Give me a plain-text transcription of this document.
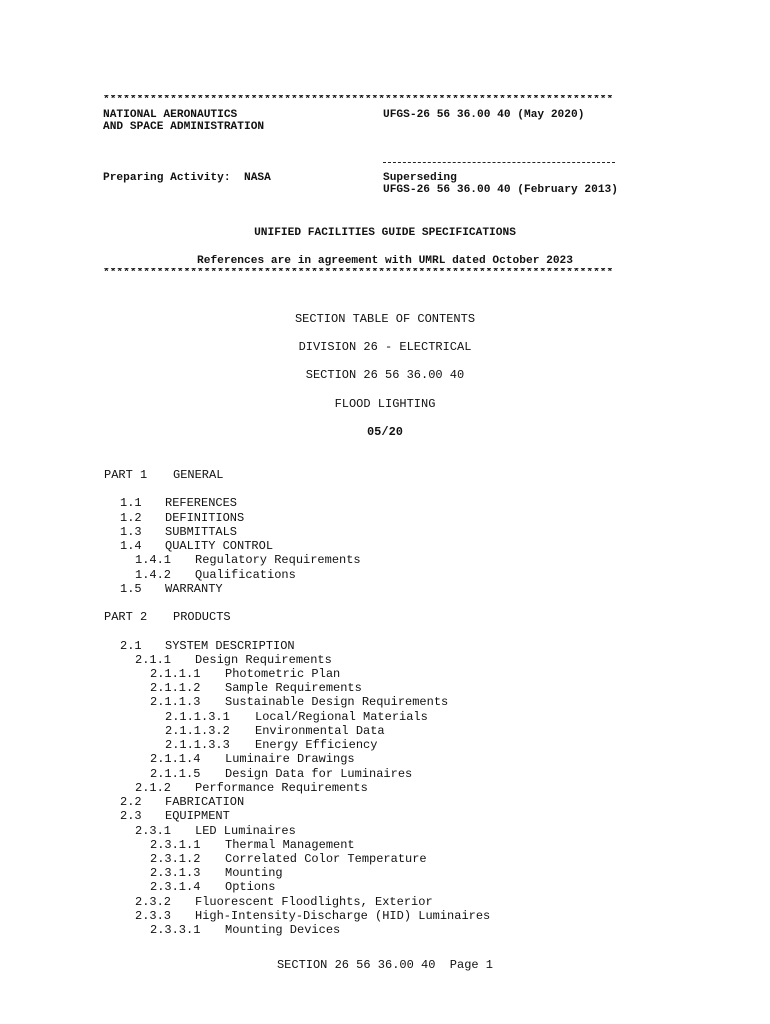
****************************************************************************
NATIONAL AERONAUTICS
AND SPACE ADMINISTRATION
UFGS-26 56 36.00 40 (May 2020)
Preparing Activity:  NASA	Superseding
UFGS-26 56 36.00 40 (February 2013)
UNIFIED FACILITIES GUIDE SPECIFICATIONS
References are in agreement with UMRL dated October 2023
****************************************************************************
SECTION TABLE OF CONTENTS
DIVISION 26 - ELECTRICAL
SECTION 26 56 36.00 40
FLOOD LIGHTING
05/20
PART 1 GENERAL
1.1 REFERENCES
1.2 DEFINITIONS
1.3 SUBMITTALS
1.4 QUALITY CONTROL
1.4.1 Regulatory Requirements
1.4.2 Qualifications
1.5 WARRANTY
PART 2 PRODUCTS
2.1 SYSTEM DESCRIPTION
2.1.1 Design Requirements
2.1.1.1 Photometric Plan
2.1.1.2 Sample Requirements
2.1.1.3 Sustainable Design Requirements
2.1.1.3.1 Local/Regional Materials
2.1.1.3.2 Environmental Data
2.1.1.3.3 Energy Efficiency
2.1.1.4 Luminaire Drawings
2.1.1.5 Design Data for Luminaires
2.1.2 Performance Requirements
2.2 FABRICATION
2.3 EQUIPMENT
2.3.1 LED Luminaires
2.3.1.1 Thermal Management
2.3.1.2 Correlated Color Temperature
2.3.1.3 Mounting
2.3.1.4 Options
2.3.2 Fluorescent Floodlights, Exterior
2.3.3 High-Intensity-Discharge (HID) Luminaires
2.3.3.1 Mounting Devices
SECTION 26 56 36.00 40  Page 1
